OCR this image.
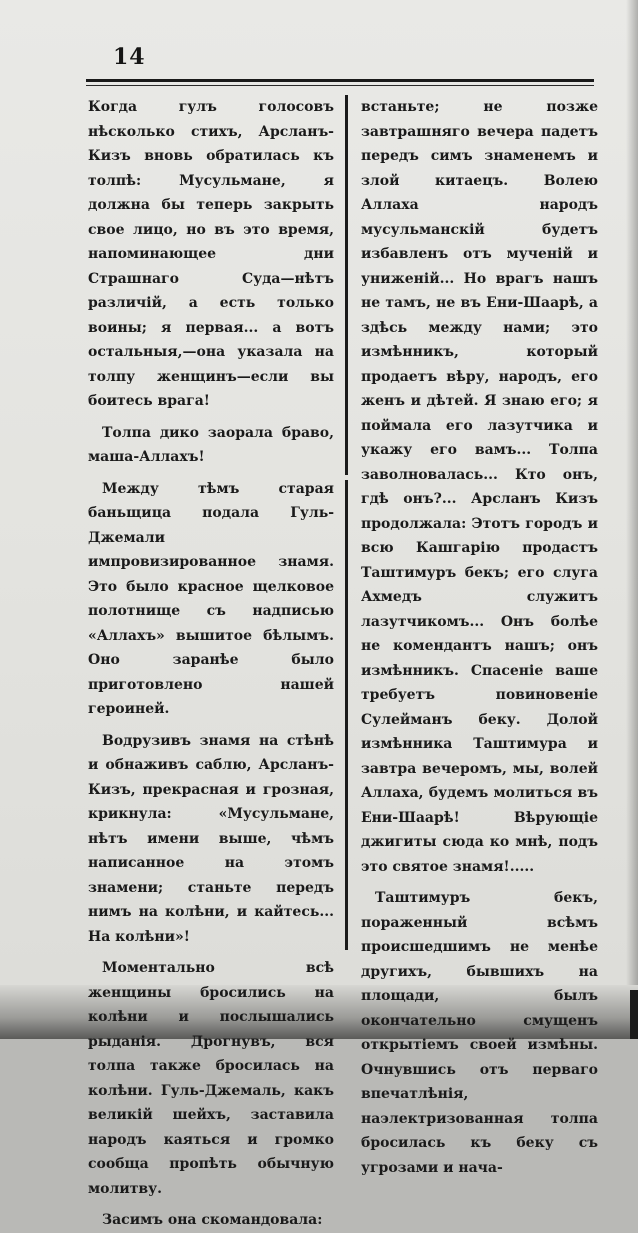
14

Когда гулъ голосовъ нѣсколько стихъ, Арсланъ-Кизъ вновь обратилась къ толпѣ: Мусульмане, я должна бы теперь закрыть свое лицо, но въ это время, напоминающее дни Страшнаго Суда—нѣтъ различій, а есть только воины; я первая... а вотъ остальныя,—она указала на толпу женщинъ—если вы боитесь врага!

Толпа дико заорала браво, маша-Аллахъ!

Между тѣмъ старая баньщица подала Гуль-Джемали импровизированное знамя. Это было красное щелковое полотнище съ надписью «Аллахъ» вышитое бѣлымъ. Оно заранѣе было приготовлено нашей героиней.

Водрузивъ знамя на стѣнѣ и обнаживъ саблю, Арсланъ-Кизъ, прекрасная и грозная, крикнула: «Мусульмане, нѣтъ имени выше, чѣмъ написанное на этомъ знамени; станьте передъ нимъ на колѣни, и кайтесь... На колѣни»!

Моментально всѣ женщины бросились на колѣни и послышались рыданія. Дрогнувъ, вся толпа также бросилась на колѣни. Гуль-Джемаль, какъ великій шейхъ, заставила народъ каяться и громко сообща пропѣть обычную молитву.

Засимъ она скомандовала:

встаньте; не позже завтрашняго вечера падетъ передъ симъ знаменемъ и злой китаецъ. Волею Аллаха народъ мусульманскій будетъ избавленъ отъ мученій и униженій... Но врагъ нашъ не тамъ, не въ Ени-Шаарѣ, а здѣсь между нами; это измѣнникъ, который продаетъ вѣру, народъ, его женъ и дѣтей. Я знаю его; я поймала его лазутчика и укажу его вамъ... Толпа заволновалась... Кто онъ, гдѣ онъ?... Арсланъ Кизъ продолжала: Этотъ городъ и всю Кашгарію продастъ Таштимуръ бекъ; его слуга Ахмедъ служитъ лазутчикомъ... Онъ болѣе не комендантъ нашъ; онъ измѣнникъ. Спасеніе ваше требуетъ повиновеніе Сулейманъ беку. Долой измѣнника Таштимура и завтра вечеромъ, мы, волей Аллаха, будемъ молиться въ Ени-Шаарѣ! Вѣрующіе джигиты сюда ко мнѣ, подъ это святое знамя!.....

Таштимуръ бекъ, пораженный всѣмъ происшедшимъ не менѣе другихъ, бывшихъ на площади, былъ окончательно смущенъ открытіемъ своей измѣны. Очнувшись отъ перваго впечатлѣнія, наэлектризованная толпа бросилась къ беку съ угрозами и нача-
